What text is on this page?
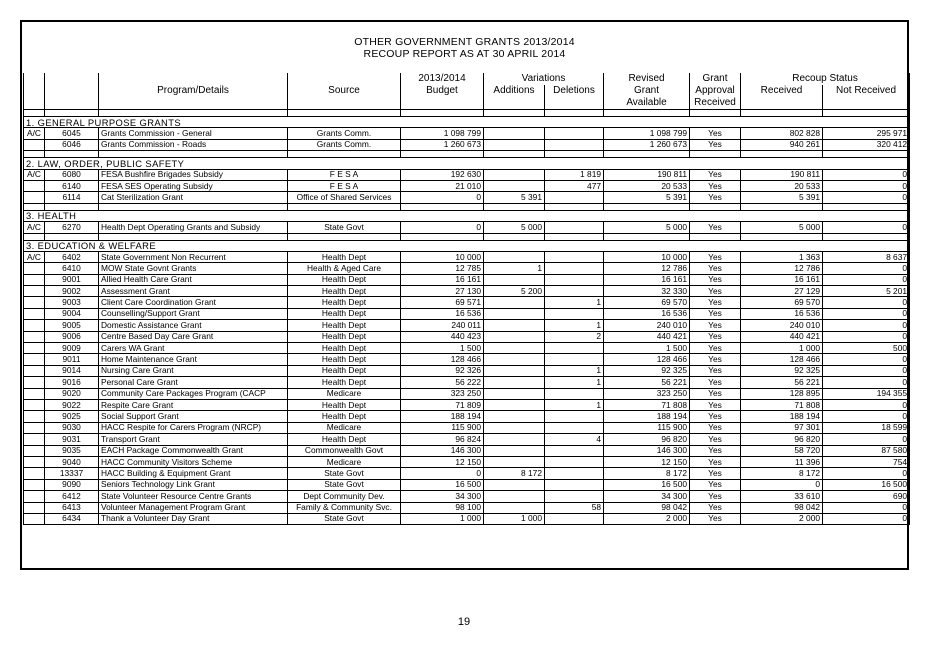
OTHER GOVERNMENT GRANTS 2013/2014
RECOUP REPORT AS AT 30 APRIL 2014
				2013/2014	Variations		Revised	Grant	Recoup Status	
		Program/Details	Source	Budget	Additions	Deletions	Grant	Approval	Received	Not Received
							Available	Received		

1. GENERAL PURPOSE GRANTS										
A/C	6045	Grants Commission - General	Grants Comm.	1 098 799			1 098 799	Yes	802 828	295 971
	6046	Grants Commission - Roads	Grants Comm.	1 260 673			1 260 673	Yes	940 261	320 412

2. LAW, ORDER, PUBLIC SAFETY										
A/C	6080	FESA Bushfire Brigades Subsidy	F E S A	192 630		1 819	190 811	Yes	190 811	0
	6140	FESA SES Operating Subsidy	F E S A	21 010		477	20 533	Yes	20 533	0
	6114	Cat Sterilization Grant	Office of Shared Services	0	5 391		5 391	Yes	5 391	0

3. HEALTH										
A/C	6270	Health Dept Operating Grants and Subsidy	State Govt	0	5 000		5 000	Yes	5 000	0

3. EDUCATION & WELFARE										
A/C	6402	State Government Non Recurrent	Health Dept	10 000			10 000	Yes	1 363	8 637
	6410	MOW State Govnt Grants	Health & Aged Care	12 785	1		12 786	Yes	12 786	0
	9001	Allied Health Care Grant	Health Dept	16 161			16 161	Yes	16 161	0
	9002	Assessment Grant	Health Dept	27 130	5 200		32 330	Yes	27 129	5 201
	9003	Client Care Coordination Grant	Health Dept	69 571		1	69 570	Yes	69 570	0
	9004	Counselling/Support Grant	Health Dept	16 536			16 536	Yes	16 536	0
	9005	Domestic Assistance Grant	Health Dept	240 011		1	240 010	Yes	240 010	0
	9006	Centre Based Day Care Grant	Health Dept	440 423		2	440 421	Yes	440 421	0
	9009	Carers WA Grant	Health Dept	1 500			1 500	Yes	1 000	500
	9011	Home Maintenance Grant	Health Dept	128 466			128 466	Yes	128 466	0
	9014	Nursing Care Grant	Health Dept	92 326		1	92 325	Yes	92 325	0
	9016	Personal Care Grant	Health Dept	56 222		1	56 221	Yes	56 221	0
	9020	Community Care Packages Program (CACP	Medicare	323 250			323 250	Yes	128 895	194 355
	9022	Respite Care Grant	Health Dept	71 809		1	71 808	Yes	71 808	0
	9025	Social Support Grant	Health Dept	188 194			188 194	Yes	188 194	0
	9030	HACC Respite for Carers Program (NRCP)	Medicare	115 900			115 900	Yes	97 301	18 599
	9031	Transport Grant	Health Dept	96 824		4	96 820	Yes	96 820	0
	9035	EACH Package Commonwealth Grant	Commonwealth Govt	146 300			146 300	Yes	58 720	87 580
	9040	HACC Community Visitors Scheme	Medicare	12 150			12 150	Yes	11 396	754
	13337	HACC Building & Equipment Grant	State Govt	0	8 172		8 172	Yes	8 172	0
	9090	Seniors Technology Link Grant	State Govt	16 500			16 500	Yes	0	16 500
	6412	State Volunteer Resource Centre Grants	Dept Community Dev.	34 300			34 300	Yes	33 610	690
	6413	Volunteer Management Program Grant	Family & Community Svc.	98 100		58	98 042	Yes	98 042	0
	6434	Thank a Volunteer Day Grant	State Govt	1 000	1 000		2 000	Yes	2 000	0
19
